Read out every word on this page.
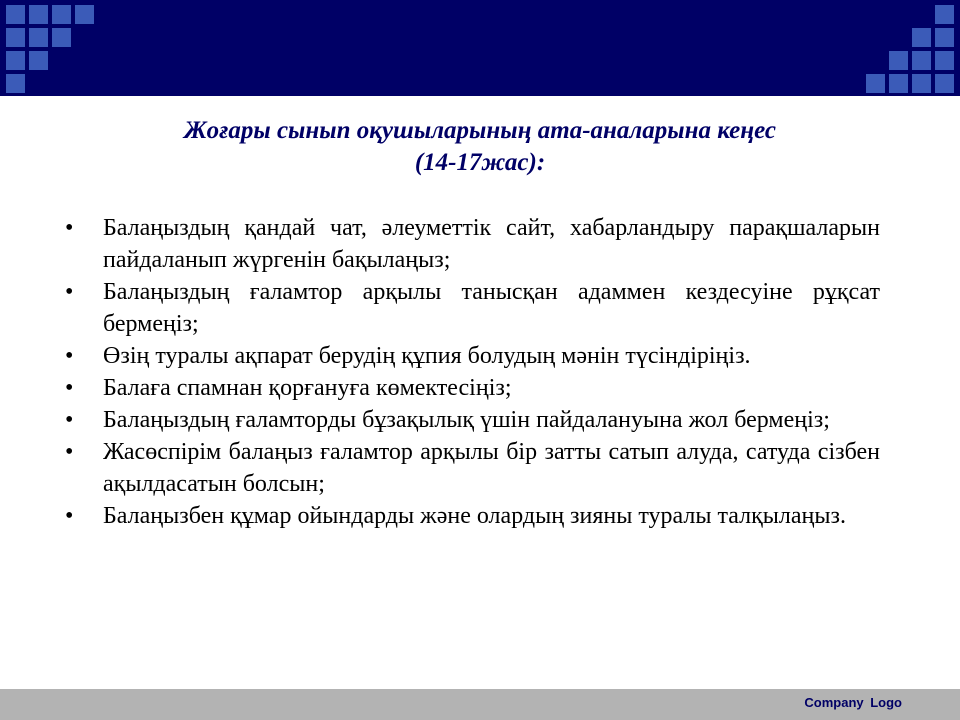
Жоғары сынып оқушыларының ата-аналарына кеңес
(14-17жас):
• Балаңыздың қандай чат, әлеуметтік сайт, хабарландыру парақшаларын пайдаланып жүргенін бақылаңыз;
• Балаңыздың ғаламтор арқылы танысқан адаммен кездесуіне рұқсат бермеңіз;
• Өзің туралы ақпарат берудің құпия болудың мәнін түсіндіріңіз.
• Балаға спамнан қорғануға көмектесіңіз;
• Балаңыздың ғаламторды бұзақылық үшін пайдалануына жол бермеңіз;
• Жасөспірім балаңыз ғаламтор арқылы бір затты сатып алуда, сатуда сізбен ақылдасатын болсын;
• Балаңызбен құмар ойындарды және олардың зияны туралы талқылаңыз.
Company Logo
